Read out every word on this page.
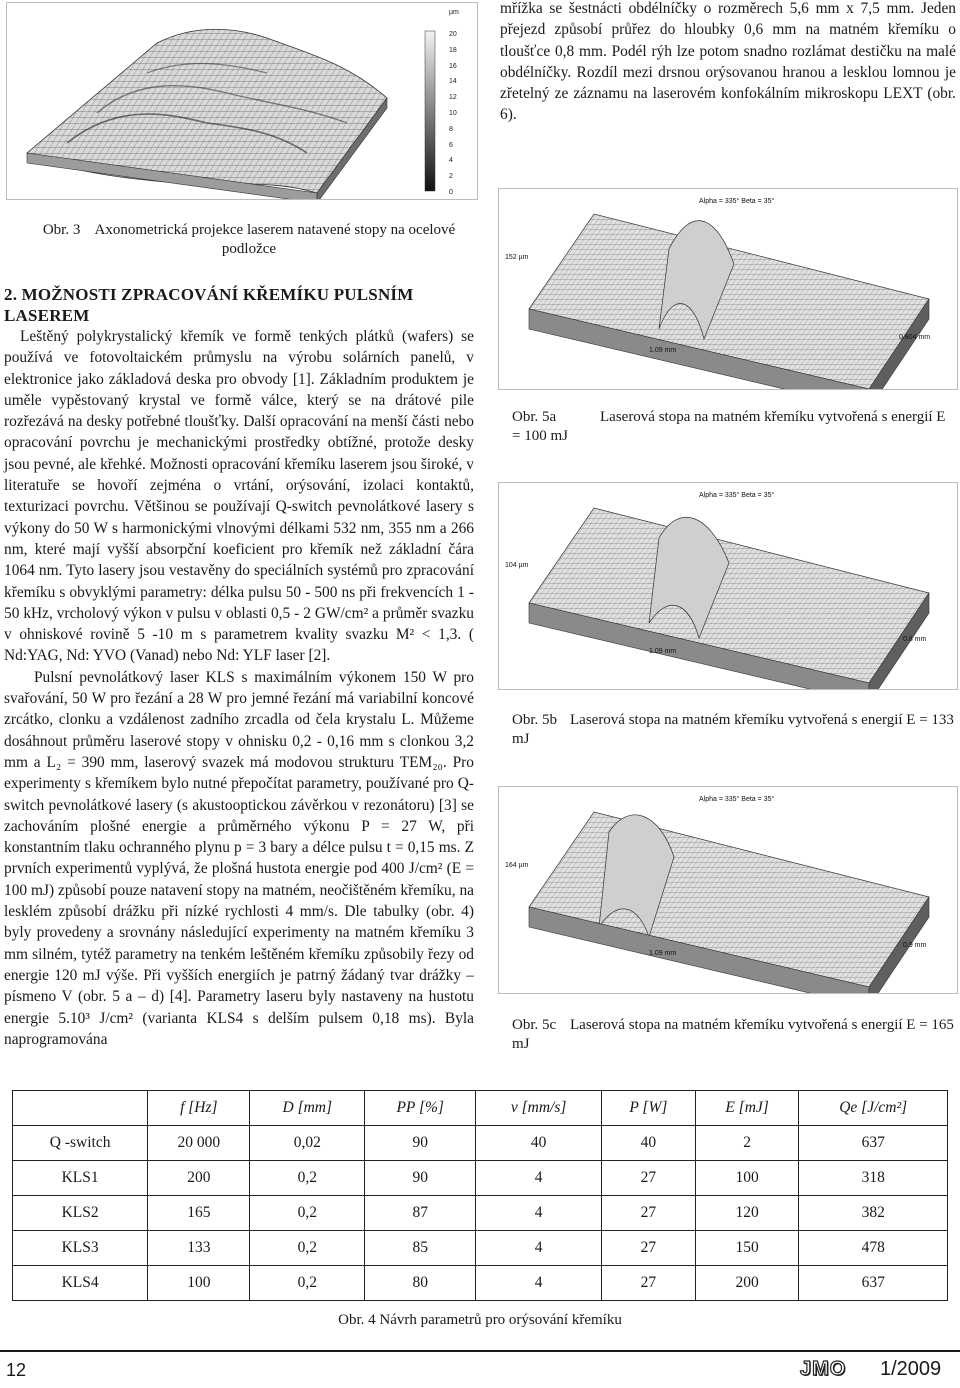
mřížka se šestnácti obdélníčky o rozměrech 5,6 mm x 7,5 mm. Jeden přejezd způsobí průřez do hloubky 0,6 mm na matném křemíku o tloušťce 0,8 mm. Podél rýh lze potom snadno rozlámat destičku na malé obdélníčky. Rozdíl mezi drsnou orýsovanou hranou a lesklou lomnou je zřetelný ze záznamu na laserovém konfokálním mikroskopu LEXT (obr. 6).

µm
20
18
16
14
12
10
8
6
4
2
0
Obr. 3 Axonometrická projekce laserem natavené stopy na ocelové podložce
2. MOŽNOSTI ZPRACOVÁNÍ KŘEMÍKU PULSNÍM
LASEREM

Leštěný polykrystalický křemík ve formě tenkých plátků (wafers) se používá ve fotovoltaickém průmyslu na výrobu solárních panelů, v elektronice jako základová deska pro obvody [1]. Základním produktem je uměle vypěstovaný krystal ve formě válce, který se na drátové pile rozřezává na desky potřebné tloušťky. Další opracování na menší části nebo opracování povrchu je mechanickými prostředky obtížné, protože desky jsou pevné, ale křehké. Možnosti opracování křemíku laserem jsou široké, v literatuře se hovoří zejména o vrtání, orýsování, izolaci kontaktů, texturizaci povrchu. Většinou se používají Q-switch pevnolátkové lasery s výkony do 50 W s harmonickými vlnovými délkami 532 nm, 355 nm a 266 nm, které mají vyšší absorpční koeficient pro křemík než základní čára 1064 nm. Tyto lasery jsou vestavěny do speciálních systémů pro zpracování křemíku s obvyklými parametry: délka pulsu 50 - 500 ns při frekvencích 1 - 50 kHz, vrcholový výkon v pulsu v oblasti 0,5 - 2 GW/cm² a průměr svazku v ohniskové rovině 5 -10 m s parametrem kvality svazku M² < 1,3. ( Nd:YAG, Nd: YVO (Vanad) nebo Nd: YLF laser [2].

Pulsní pevnolátkový laser KLS s maximálním výkonem 150 W pro svařování, 50 W pro řezání a 28 W pro jemné řezání má variabilní koncové zrcátko, clonku a vzdálenost zadního zrcadla od čela krystalu L. Můžeme dosáhnout průměru laserové stopy v ohnisku 0,2 - 0,16 mm s clonkou 3,2 mm a L₂ = 390 mm, laserový svazek má modovou strukturu TEM₂₀. Pro experimenty s křemíkem bylo nutné přepočítat parametry, používané pro Q-switch pevnolátkové lasery (s akustooptickou závěrkou v rezonátoru) [3] se zachováním plošné energie a průměrného výkonu P = 27 W, při konstantním tlaku ochranného plynu p = 3 bary a délce pulsu t = 0,15 ms. Z prvních experimentů vyplývá, že plošná hustota energie pod 400 J/cm² (E = 100 mJ) způsobí pouze natavení stopy na matném, neočištěném křemíku, na lesklém způsobí drážku při nízké rychlosti 4 mm/s. Dle tabulky (obr. 4) byly provedeny a srovnány následující experimenty na matném křemíku 3 mm silném, tytéž parametry na tenkém leštěném křemíku způsobily řezy od energie 120 mJ výše. Při vyšších energiích je patrný žádaný tvar drážky – písmeno V (obr. 5 a – d) [4]. Parametry laseru byly nastaveny na hustotu energie 5.10³ J/cm² (varianta KLS4 s delším pulsem 0,18 ms). Byla naprogramována

Alpha = 335° Beta = 35°
152 µm
1.09 mm
0.804 mm
Obr. 5a	Laserová stopa na matném křemíku vytvořená s energií E = 100 mJ
Alpha = 335° Beta = 35°
104 µm
1.09 mm
0.8 mm
Obr. 5b Laserová stopa na matném křemíku vytvořená s energií E = 133 mJ
Alpha = 335° Beta = 35°
164 µm
1.09 mm
0.9 mm
Obr. 5c Laserová stopa na matném křemíku vytvořená s energií E = 165 mJ
	f [Hz]	D [mm]	PP [%]	v [mm/s]	P [W]	E [mJ]	Qe [J/cm²]
Q -switch	20 000	0,02	90	40	40	2	637
KLS1	200	0,2	90	4	27	100	318
KLS2	165	0,2	87	4	27	120	382
KLS3	133	0,2	85	4	27	150	478
KLS4	100	0,2	80	4	27	200	637
Obr. 4 Návrh parametrů pro orýsování křemíku
12	JMO 1/2009
